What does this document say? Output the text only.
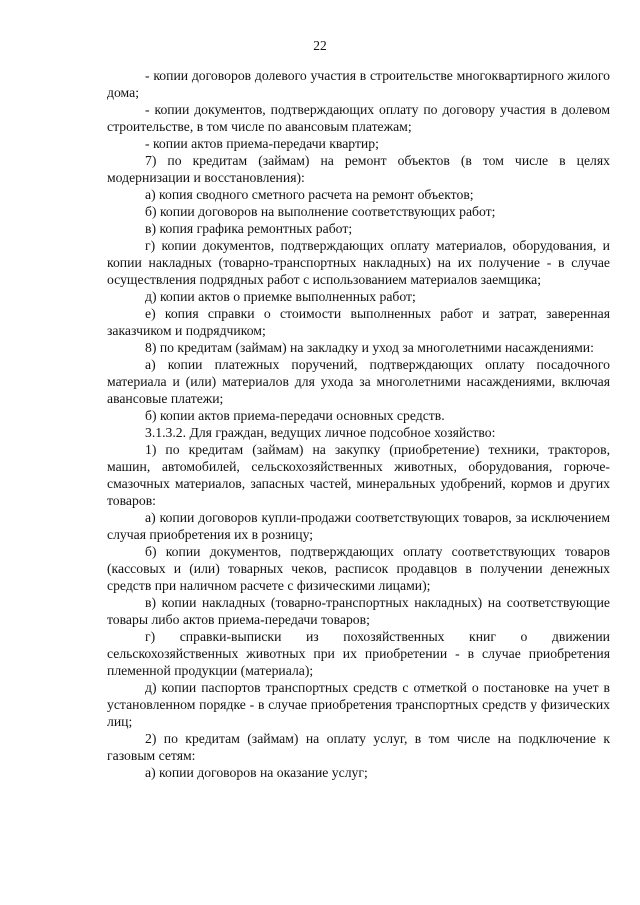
22

- копии договоров долевого участия в строительстве многоквартирного жилого дома;

- копии документов, подтверждающих оплату по договору участия в долевом строительстве, в том числе по авансовым платежам;

- копии актов приема-передачи квартир;

7) по кредитам (займам) на ремонт объектов (в том числе в целях модернизации и восстановления):

а) копия сводного сметного расчета на ремонт объектов;

б) копии договоров на выполнение соответствующих работ;

в) копия графика ремонтных работ;

г) копии документов, подтверждающих оплату материалов, оборудования, и копии накладных (товарно-транспортных накладных) на их получение - в случае осуществления подрядных работ с использованием материалов заемщика;

д) копии актов о приемке выполненных работ;

е) копия справки о стоимости выполненных работ и затрат, заверенная заказчиком и подрядчиком;

8) по кредитам (займам) на закладку и уход за многолетними насаждениями:

а) копии платежных поручений, подтверждающих оплату посадочного материала и (или) материалов для ухода за многолетними насаждениями, включая авансовые платежи;

б) копии актов приема-передачи основных средств.

3.1.3.2. Для граждан, ведущих личное подсобное хозяйство:

1) по кредитам (займам) на закупку (приобретение) техники, тракторов, машин, автомобилей, сельскохозяйственных животных, оборудования, горюче-смазочных материалов, запасных частей, минеральных удобрений, кормов и других товаров:

а) копии договоров купли-продажи соответствующих товаров, за исключением случая приобретения их в розницу;

б) копии документов, подтверждающих оплату соответствующих товаров (кассовых и (или) товарных чеков, расписок продавцов в получении денежных средств при наличном расчете с физическими лицами);

в) копии накладных (товарно-транспортных накладных) на соответствующие товары либо актов приема-передачи товаров;

г) справки-выписки из похозяйственных книг о движении сельскохозяйственных животных при их приобретении - в случае приобретения племенной продукции (материала);

д) копии паспортов транспортных средств с отметкой о постановке на учет в установленном порядке - в случае приобретения транспортных средств у физических лиц;

2) по кредитам (займам) на оплату услуг, в том числе на подключение к газовым сетям:

а) копии договоров на оказание услуг;
